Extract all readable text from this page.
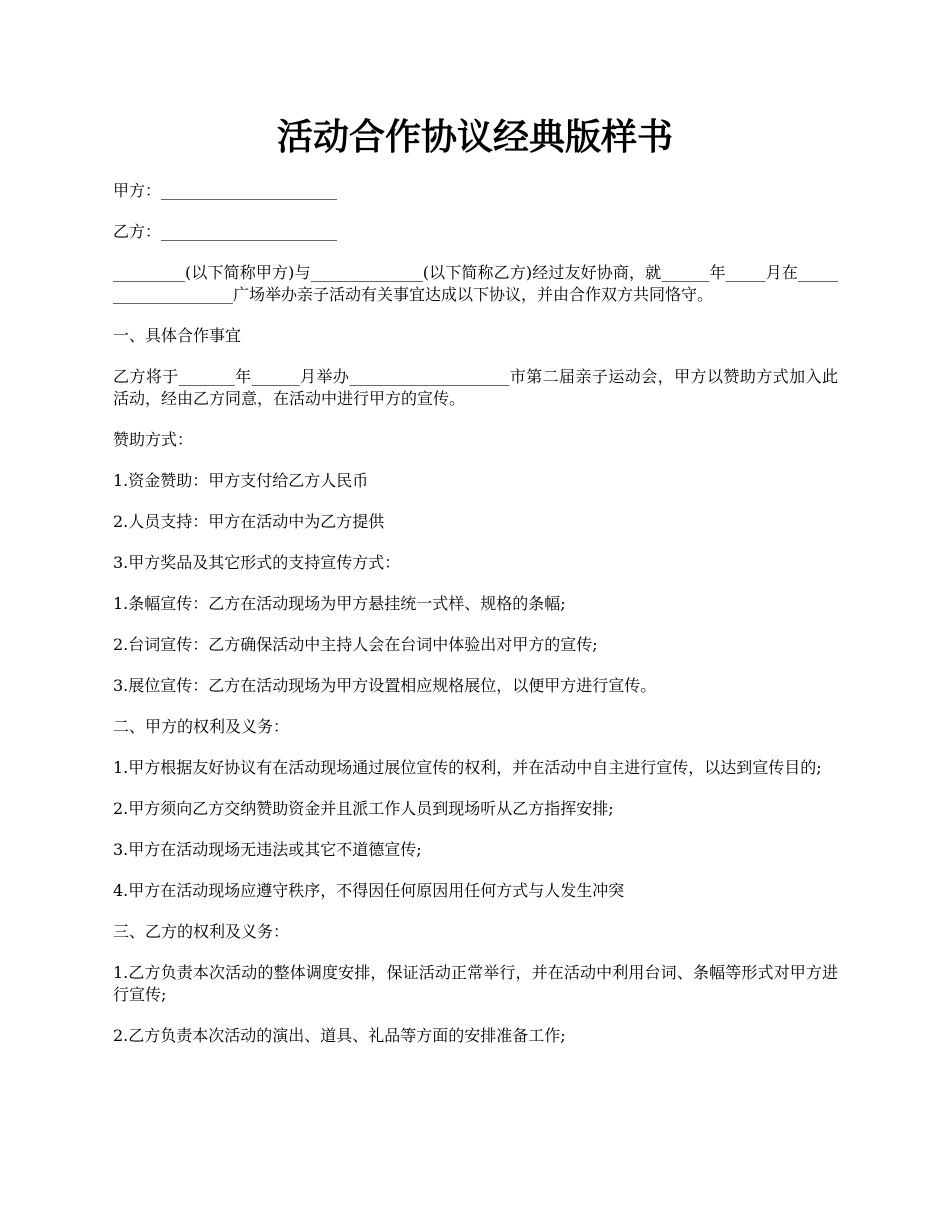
活动合作协议经典版样书

甲方：______________________

乙方：______________________

_________(以下简称甲方)与______________(以下简称乙方)经过友好协商，就______年_____月在____________________广场举办亲子活动有关事宜达成以下协议，并由合作双方共同恪守。

一、具体合作事宜

乙方将于_______年______月举办____________________市第二届亲子运动会，甲方以赞助方式加入此活动，经由乙方同意，在活动中进行甲方的宣传。

赞助方式：

1.资金赞助：甲方支付给乙方人民币

2.人员支持：甲方在活动中为乙方提供

3.甲方奖品及其它形式的支持宣传方式：

1.条幅宣传：乙方在活动现场为甲方悬挂统一式样、规格的条幅;

2.台词宣传：乙方确保活动中主持人会在台词中体验出对甲方的宣传;

3.展位宣传：乙方在活动现场为甲方设置相应规格展位，以便甲方进行宣传。

二、甲方的权利及义务：

1.甲方根据友好协议有在活动现场通过展位宣传的权利，并在活动中自主进行宣传，以达到宣传目的;

2.甲方须向乙方交纳赞助资金并且派工作人员到现场听从乙方指挥安排;

3.甲方在活动现场无违法或其它不道德宣传;

4.甲方在活动现场应遵守秩序，不得因任何原因用任何方式与人发生冲突

三、乙方的权利及义务：

1.乙方负责本次活动的整体调度安排，保证活动正常举行，并在活动中利用台词、条幅等形式对甲方进行宣传;

2.乙方负责本次活动的演出、道具、礼品等方面的安排准备工作;
